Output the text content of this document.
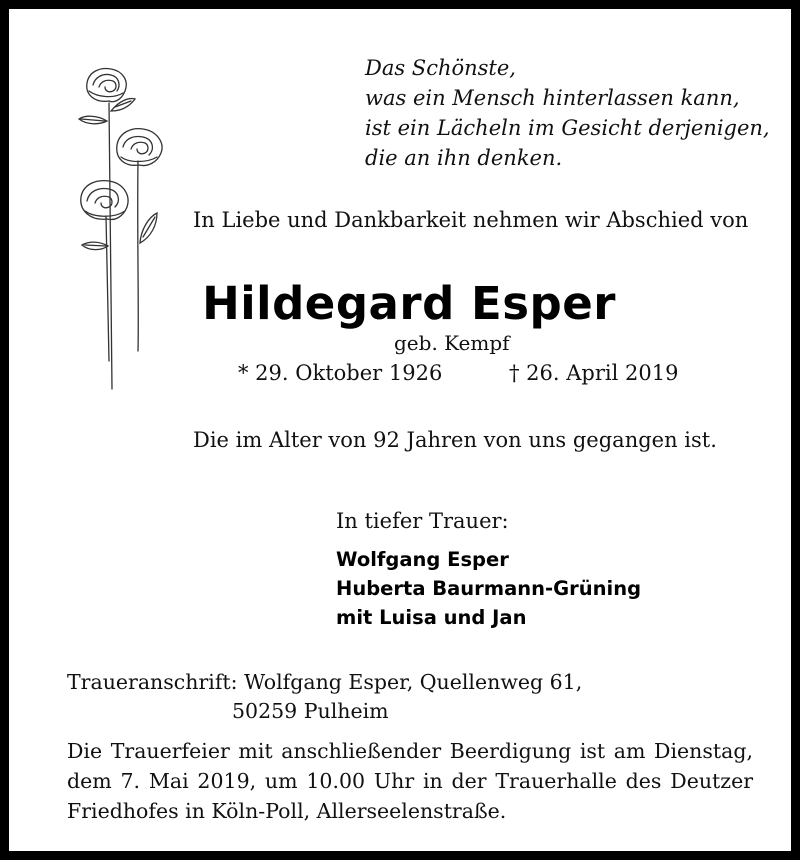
Das Schönste,
was ein Mensch hinterlassen kann,
ist ein Lächeln im Gesicht derjenigen,
die an ihn denken.
In Liebe und Dankbarkeit nehmen wir Abschied von
Hildegard Esper
geb. Kempf
* 29. Oktober 1926	† 26. April 2019
Die im Alter von 92 Jahren von uns gegangen ist.
In tiefer Trauer:
Wolfgang Esper
Huberta Baurmann-Grüning
mit Luisa und Jan
Traueranschrift: Wolfgang Esper, Quellenweg 61,
50259 Pulheim
Die Trauerfeier mit anschließender Beerdigung ist am Dienstag, dem 7. Mai 2019, um 10.00 Uhr in der Trauerhalle des Deutzer Friedhofes in Köln-Poll, Allerseelenstraße.
